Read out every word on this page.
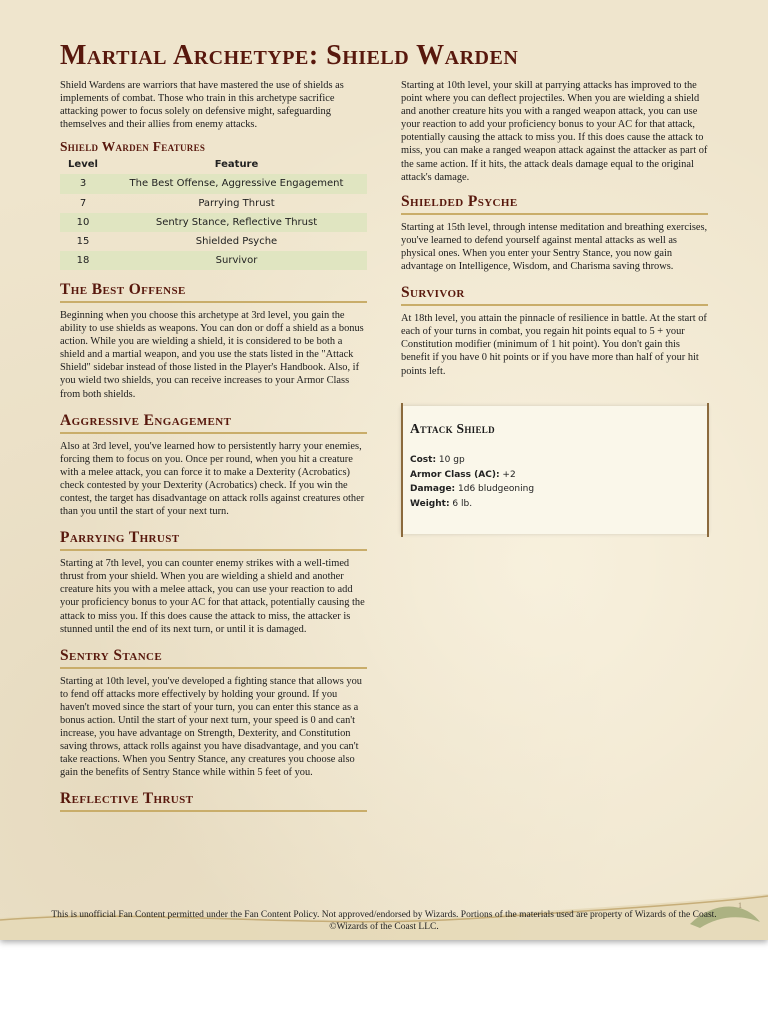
Martial Archetype: Shield Warden

Shield Wardens are warriors that have mastered the use of shields as implements of combat. Those who train in this archetype sacrifice attacking power to focus solely on defensive might, safeguarding themselves and their allies from enemy attacks.

Shield Warden Features
Level	Feature
3	The Best Offense, Aggressive Engagement
7	Parrying Thrust
10	Sentry Stance, Reflective Thrust
15	Shielded Psyche
18	Survivor
The Best Offense

Beginning when you choose this archetype at 3rd level, you gain the ability to use shields as weapons. You can don or doff a shield as a bonus action. While you are wielding a shield, it is considered to be both a shield and a martial weapon, and you use the stats listed in the "Attack Shield" sidebar instead of those listed in the Player's Handbook. Also, if you wield two shields, you can receive increases to your Armor Class from both shields.

Aggressive Engagement

Also at 3rd level, you've learned how to persistently harry your enemies, forcing them to focus on you. Once per round, when you hit a creature with a melee attack, you can force it to make a Dexterity (Acrobatics) check contested by your Dexterity (Acrobatics) check. If you win the contest, the target has disadvantage on attack rolls against creatures other than you until the start of your next turn.

Parrying Thrust

Starting at 7th level, you can counter enemy strikes with a well-timed thrust from your shield. When you are wielding a shield and another creature hits you with a melee attack, you can use your reaction to add your proficiency bonus to your AC for that attack, potentially causing the attack to miss you. If this does cause the attack to miss, the attacker is stunned until the end of its next turn, or until it is damaged.

Sentry Stance

Starting at 10th level, you've developed a fighting stance that allows you to fend off attacks more effectively by holding your ground. If you haven't moved since the start of your turn, you can enter this stance as a bonus action. Until the start of your next turn, your speed is 0 and can't increase, you have advantage on Strength, Dexterity, and Constitution saving throws, attack rolls against you have disadvantage, and you can't take reactions. When you Sentry Stance, any creatures you choose also gain the benefits of Sentry Stance while within 5 feet of you.

Reflective Thrust

Starting at 10th level, your skill at parrying attacks has improved to the point where you can deflect projectiles. When you are wielding a shield and another creature hits you with a ranged weapon attack, you can use your reaction to add your proficiency bonus to your AC for that attack, potentially causing the attack to miss you. If this does cause the attack to miss, you can make a ranged weapon attack against the attacker as part of the same action. If it hits, the attack deals damage equal to the original attack's damage.

Shielded Psyche

Starting at 15th level, through intense meditation and breathing exercises, you've learned to defend yourself against mental attacks as well as physical ones. When you enter your Sentry Stance, you now gain advantage on Intelligence, Wisdom, and Charisma saving throws.

Survivor

At 18th level, you attain the pinnacle of resilience in battle. At the start of each of your turns in combat, you regain hit points equal to 5 + your Constitution modifier (minimum of 1 hit point). You don't gain this benefit if you have 0 hit points or if you have more than half of your hit points left.

Attack Shield
Cost: 10 gp
Armor Class (AC): +2
Damage: 1d6 bludgeoning
Weight: 6 lb.
This is unofficial Fan Content permitted under the Fan Content Policy. Not approved/endorsed by Wizards. Portions of the materials used are property of Wizards of the Coast. ©Wizards of the Coast LLC.
1
